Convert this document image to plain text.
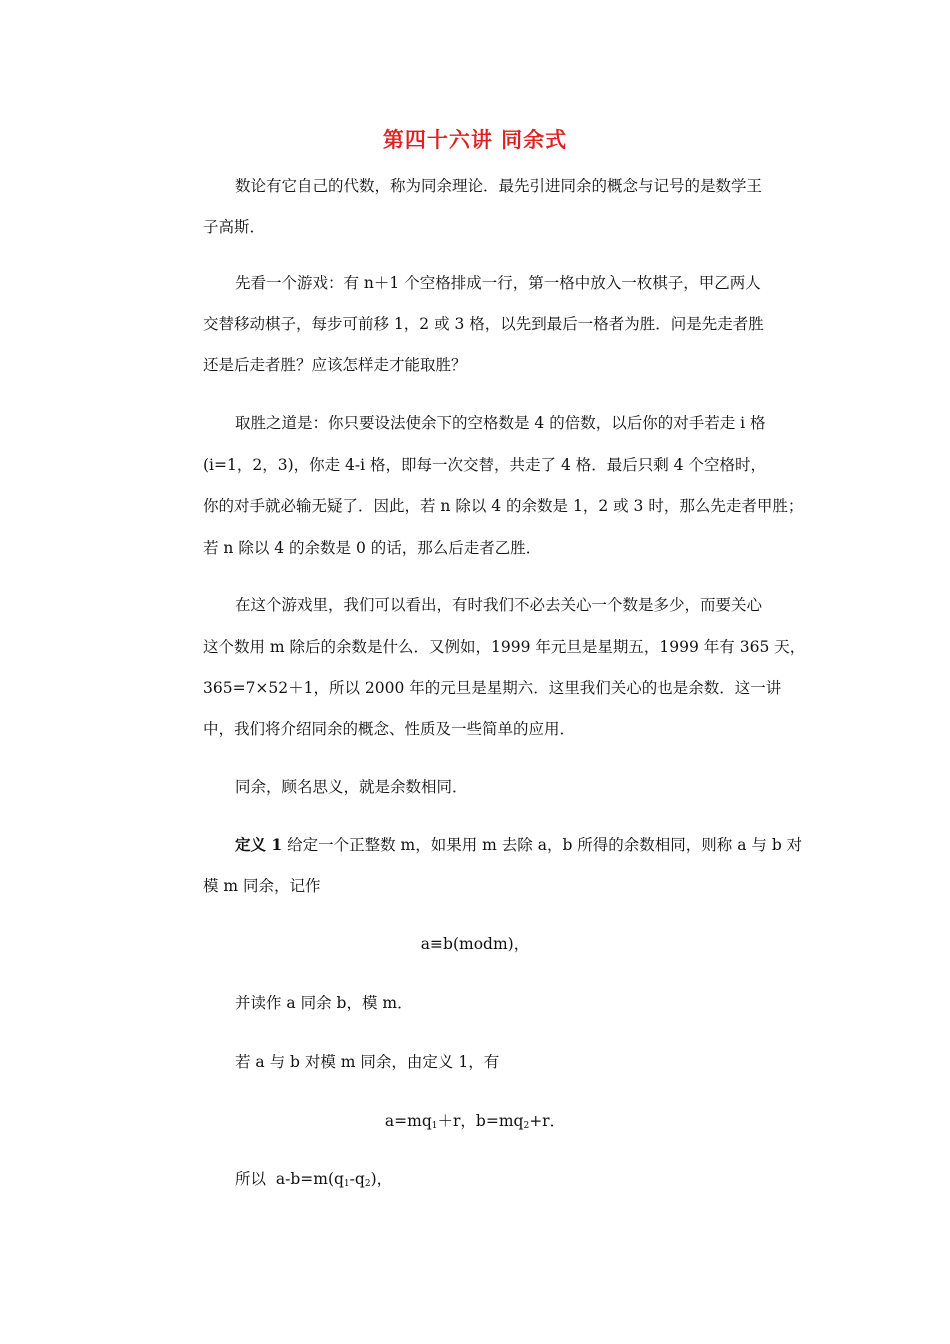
第四十六讲 同余式
数论有它自己的代数，称为同余理论．最先引进同余的概念与记号的是数学王
子高斯．
先看一个游戏：有 n＋1 个空格排成一行，第一格中放入一枚棋子，甲乙两人
交替移动棋子，每步可前移 1，2 或 3 格，以先到最后一格者为胜．问是先走者胜
还是后走者胜？应该怎样走才能取胜？
取胜之道是：你只要设法使余下的空格数是 4 的倍数，以后你的对手若走 i 格
(i=1，2，3)，你走 4-i 格，即每一次交替，共走了 4 格．最后只剩 4 个空格时，
你的对手就必输无疑了．因此，若 n 除以 4 的余数是 1，2 或 3 时，那么先走者甲胜；
若 n 除以 4 的余数是 0 的话，那么后走者乙胜．
在这个游戏里，我们可以看出，有时我们不必去关心一个数是多少，而要关心
这个数用 m 除后的余数是什么．又例如，1999 年元旦是星期五，1999 年有 365 天，
365=7×52＋1，所以 2000 年的元旦是星期六．这里我们关心的也是余数．这一讲
中，我们将介绍同余的概念、性质及一些简单的应用．
同余，顾名思义，就是余数相同．
定义 1 给定一个正整数 m，如果用 m 去除 a，b 所得的余数相同，则称 a 与 b 对
模 m 同余，记作
a≡b(modm)，
并读作 a 同余 b，模 m．
若 a 与 b 对模 m 同余，由定义 1，有
$a=mq_1+r$，$b=mq_2+r$．
所以  $a-b=m(q_1-q_2)$，
